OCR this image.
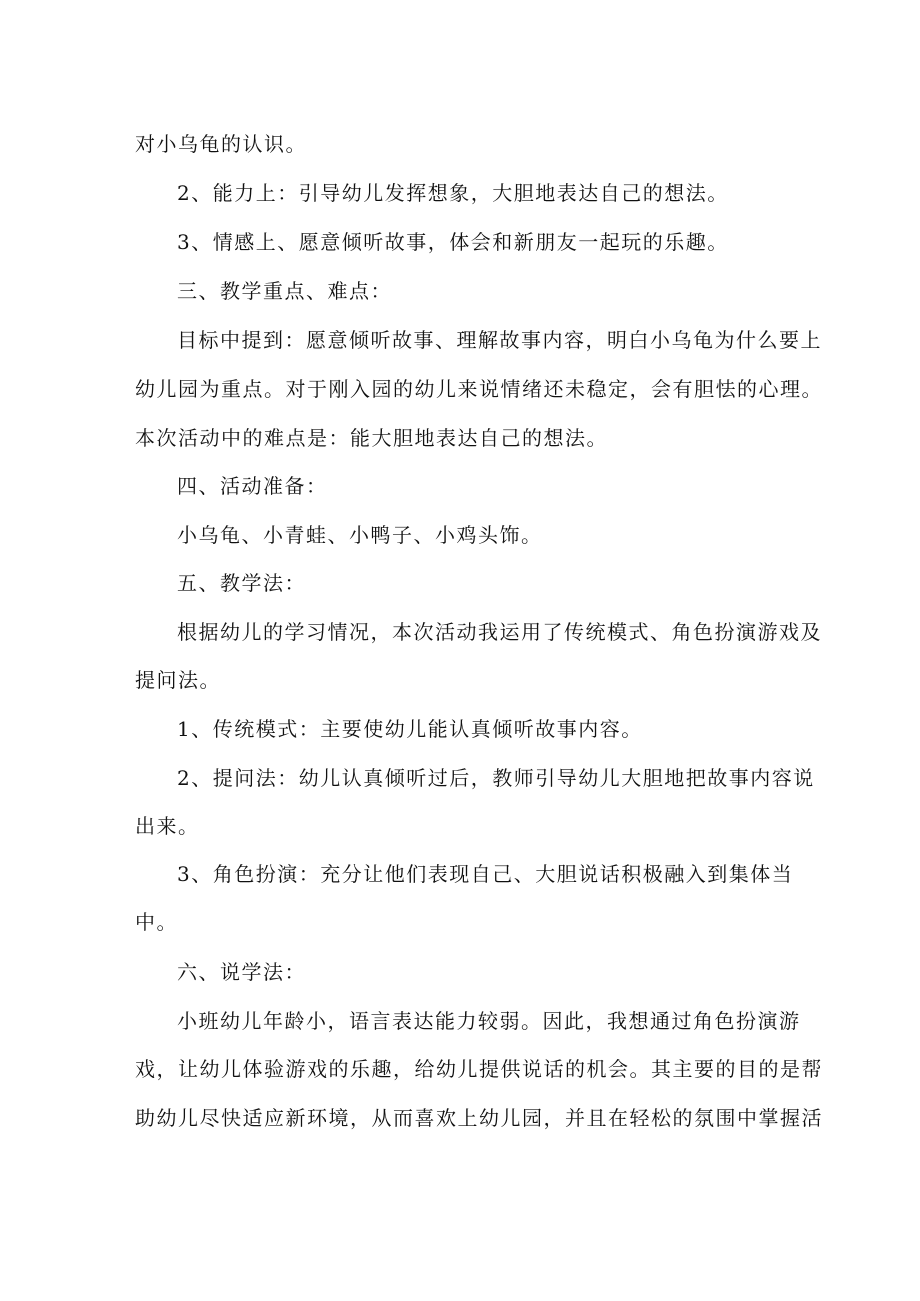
对小乌龟的认识。
2、能力上：引导幼儿发挥想象，大胆地表达自己的想法。
3、情感上、愿意倾听故事，体会和新朋友一起玩的乐趣。
三、教学重点、难点：
目标中提到：愿意倾听故事、理解故事内容，明白小乌龟为什么要上
幼儿园为重点。对于刚入园的幼儿来说情绪还未稳定，会有胆怯的心理。
本次活动中的难点是：能大胆地表达自己的想法。
四、活动准备：
小乌龟、小青蛙、小鸭子、小鸡头饰。
五、教学法：
根据幼儿的学习情况，本次活动我运用了传统模式、角色扮演游戏及
提问法。
1、传统模式：主要使幼儿能认真倾听故事内容。
2、提问法：幼儿认真倾听过后，教师引导幼儿大胆地把故事内容说
出来。
3、角色扮演：充分让他们表现自己、大胆说话积极融入到集体当
中。
六、说学法：
小班幼儿年龄小，语言表达能力较弱。因此，我想通过角色扮演游
戏，让幼儿体验游戏的乐趣，给幼儿提供说话的机会。其主要的目的是帮
助幼儿尽快适应新环境，从而喜欢上幼儿园，并且在轻松的氛围中掌握活
